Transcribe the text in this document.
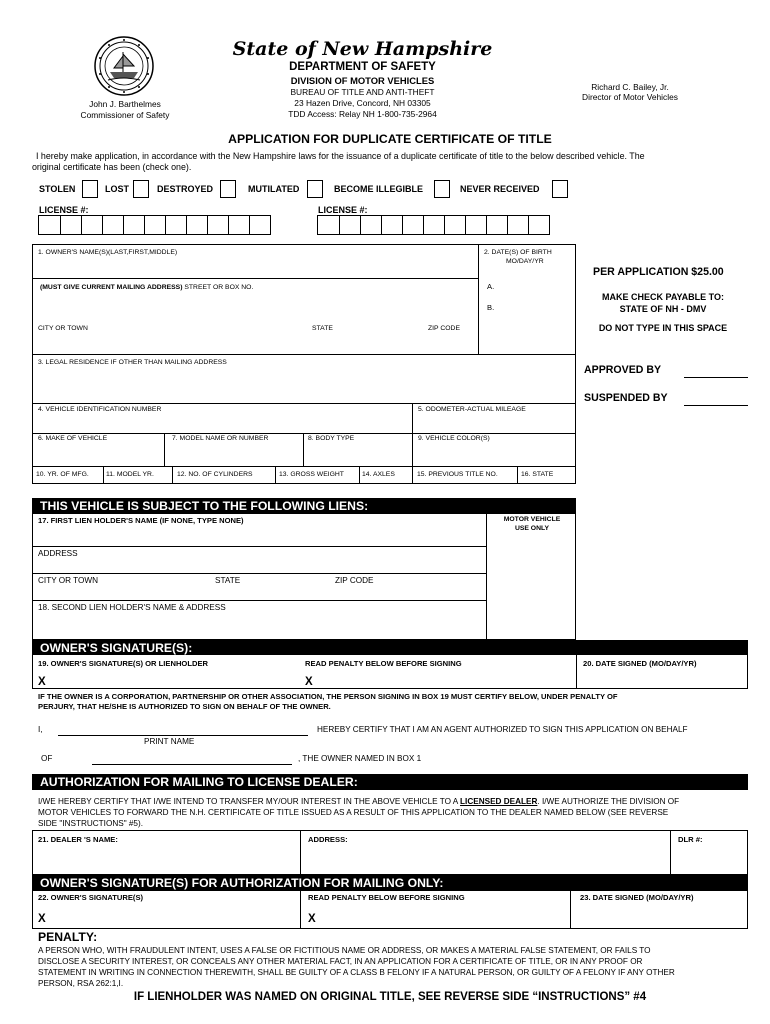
State of New Hampshire
DEPARTMENT OF SAFETY
DIVISION OF MOTOR VEHICLES
BUREAU OF TITLE AND ANTI-THEFT
23 Hazen Drive, Concord, NH 03305
TDD Access: Relay NH 1-800-735-2964
John J. Barthelmes
Commissioner of Safety
Richard C. Bailey, Jr.
Director of Motor Vehicles
APPLICATION FOR DUPLICATE CERTIFICATE OF TITLE
I hereby make application, in accordance with the New Hampshire laws for the issuance of a duplicate certificate of title to the below described vehicle. The
original certificate has been (check one).
STOLEN	LOST	DESTROYED	MUTILATED	BECOME ILLEGIBLE	NEVER RECEIVED
LICENSE #:	LICENSE #:
1. OWNER'S NAME(S)(LAST,FIRST,MIDDLE)	2. DATE(S) OF BIRTH
MO/DAY/YR
(MUST GIVE CURRENT MAILING ADDRESS) STREET OR BOX NO.	A.
B.
CITY OR TOWN	STATE	ZIP CODE
3. LEGAL RESIDENCE IF OTHER THAN MAILING ADDRESS
4. VEHICLE IDENTIFICATION NUMBER	5. ODOMETER-ACTUAL MILEAGE
6. MAKE OF VEHICLE	7. MODEL NAME OR NUMBER	8. BODY TYPE	9. VEHICLE COLOR(S)
10. YR. OF MFG.	11. MODEL YR.	12. NO. OF CYLINDERS	13. GROSS WEIGHT	14. AXLES	15. PREVIOUS TITLE NO.	16. STATE
PER APPLICATION $25.00
MAKE CHECK PAYABLE TO:
STATE OF NH - DMV
DO NOT TYPE IN THIS SPACE
APPROVED BY
SUSPENDED BY
THIS VEHICLE IS SUBJECT TO THE FOLLOWING LIENS:
17. FIRST LIEN HOLDER'S NAME (IF NONE, TYPE NONE)	MOTOR VEHICLE
USE ONLY
ADDRESS
CITY OR TOWN	STATE	ZIP CODE
18. SECOND LIEN HOLDER'S NAME & ADDRESS
OWNER'S SIGNATURE(S):
19. OWNER'S SIGNATURE(S) OR LIENHOLDER	READ PENALTY BELOW BEFORE SIGNING	20. DATE SIGNED (MO/DAY/YR)
X	X
IF THE OWNER IS A CORPORATION, PARTNERSHIP OR OTHER ASSOCIATION, THE PERSON SIGNING IN BOX 19 MUST CERTIFY BELOW, UNDER PENALTY OF
PERJURY, THAT HE/SHE IS AUTHORIZED TO SIGN ON BEHALF OF THE OWNER.
I,	HEREBY CERTIFY THAT I AM AN AGENT AUTHORIZED TO SIGN THIS APPLICATION ON BEHALF
PRINT NAME
OF	, THE OWNER NAMED IN BOX 1
AUTHORIZATION FOR MAILING TO LICENSE DEALER:
I/WE HEREBY CERTIFY THAT I/WE INTEND TO TRANSFER MY/OUR INTEREST IN THE ABOVE VEHICLE TO A LICENSED DEALER. I/WE AUTHORIZE THE DIVISION OF
MOTOR VEHICLES TO FORWARD THE N.H. CERTIFICATE OF TITLE ISSUED AS A RESULT OF THIS APPLICATION TO THE DEALER NAMED BELOW (SEE REVERSE
SIDE "INSTRUCTIONS" #5).
21. DEALER 'S NAME:	ADDRESS:	DLR #:
OWNER'S SIGNATURE(S) FOR AUTHORIZATION FOR MAILING ONLY:
22. OWNER'S SIGNATURE(S)	READ PENALTY BELOW BEFORE SIGNING	23. DATE SIGNED (MO/DAY/YR)
X	X
PENALTY:
A PERSON WHO, WITH FRAUDULENT INTENT, USES A FALSE OR FICTITIOUS NAME OR ADDRESS, OR MAKES A MATERIAL FALSE STATEMENT, OR FAILS TO
DISCLOSE A SECURITY INTEREST, OR CONCEALS ANY OTHER MATERIAL FACT, IN AN APPLICATION FOR A CERTIFICATE OF TITLE, OR IN ANY PROOF OR
STATEMENT IN WRITING IN CONNECTION THEREWITH, SHALL BE GUILTY OF A CLASS B FELONY IF A NATURAL PERSON, OR GUILTY OF A FELONY IF ANY OTHER
PERSON, RSA 262:1,I.
IF LIENHOLDER WAS NAMED ON ORIGINAL TITLE, SEE REVERSE SIDE “INSTRUCTIONS” #4
